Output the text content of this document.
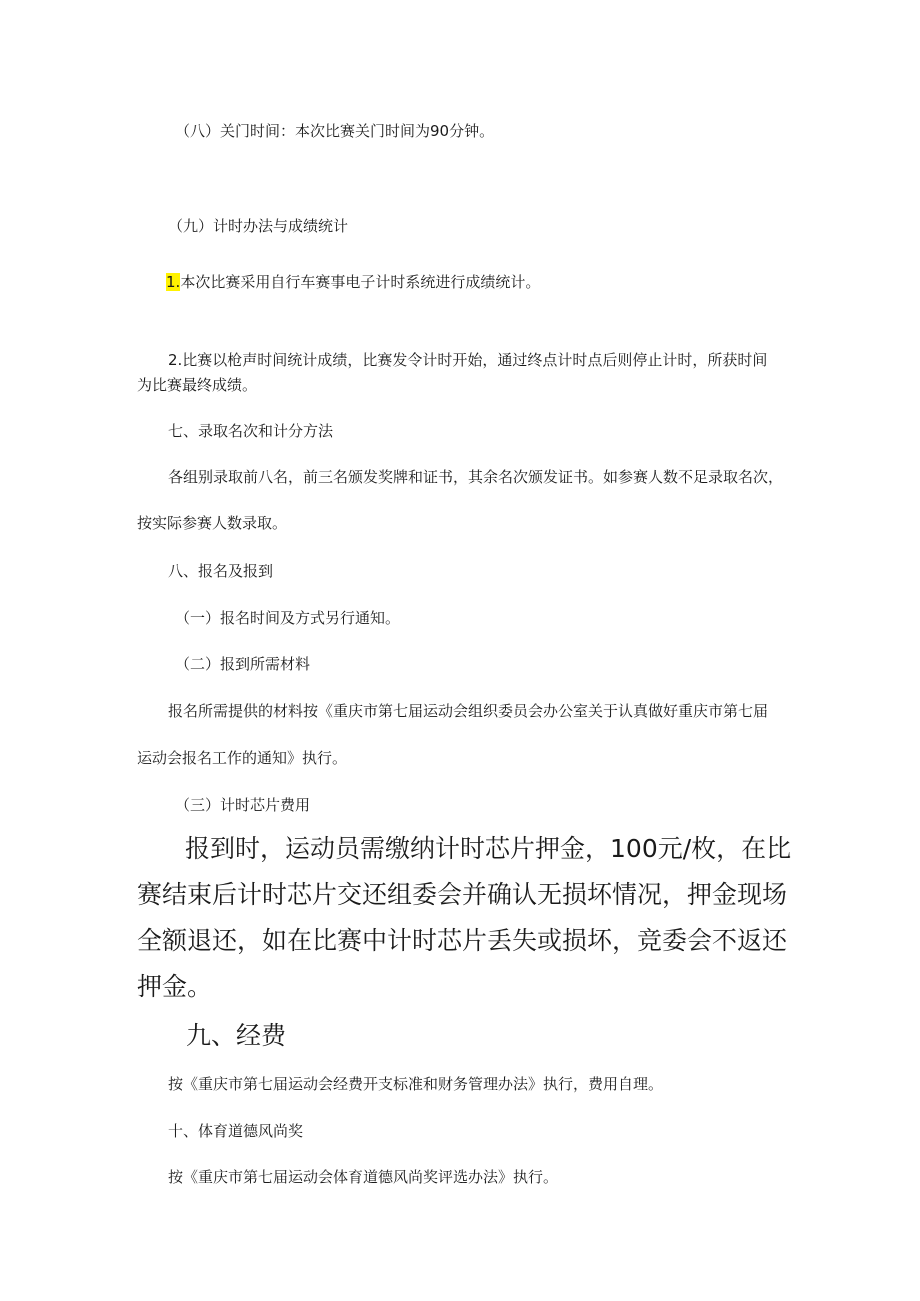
（八）关门时间：本次比赛关门时间为90分钟。
（九）计时办法与成绩统计
1.本次比赛采用自行车赛事电子计时系统进行成绩统计。
2.比赛以枪声时间统计成绩，比赛发令计时开始，通过终点计时点后则停止计时，所获时间
为比赛最终成绩。
七、录取名次和计分方法
各组别录取前八名，前三名颁发奖牌和证书，其余名次颁发证书。如参赛人数不足录取名次，
按实际参赛人数录取。
八、报名及报到
（一）报名时间及方式另行通知。
（二）报到所需材料
报名所需提供的材料按《重庆市第七届运动会组织委员会办公室关于认真做好重庆市第七届
运动会报名工作的通知》执行。
（三）计时芯片费用
报到时，运动员需缴纳计时芯片押金，100元/枚，在比
赛结束后计时芯片交还组委会并确认无损坏情况，押金现场
全额退还，如在比赛中计时芯片丢失或损坏，竞委会不返还
押金。
九、经费
按《重庆市第七届运动会经费开支标准和财务管理办法》执行，费用自理。
十、体育道德风尚奖
按《重庆市第七届运动会体育道德风尚奖评选办法》执行。
